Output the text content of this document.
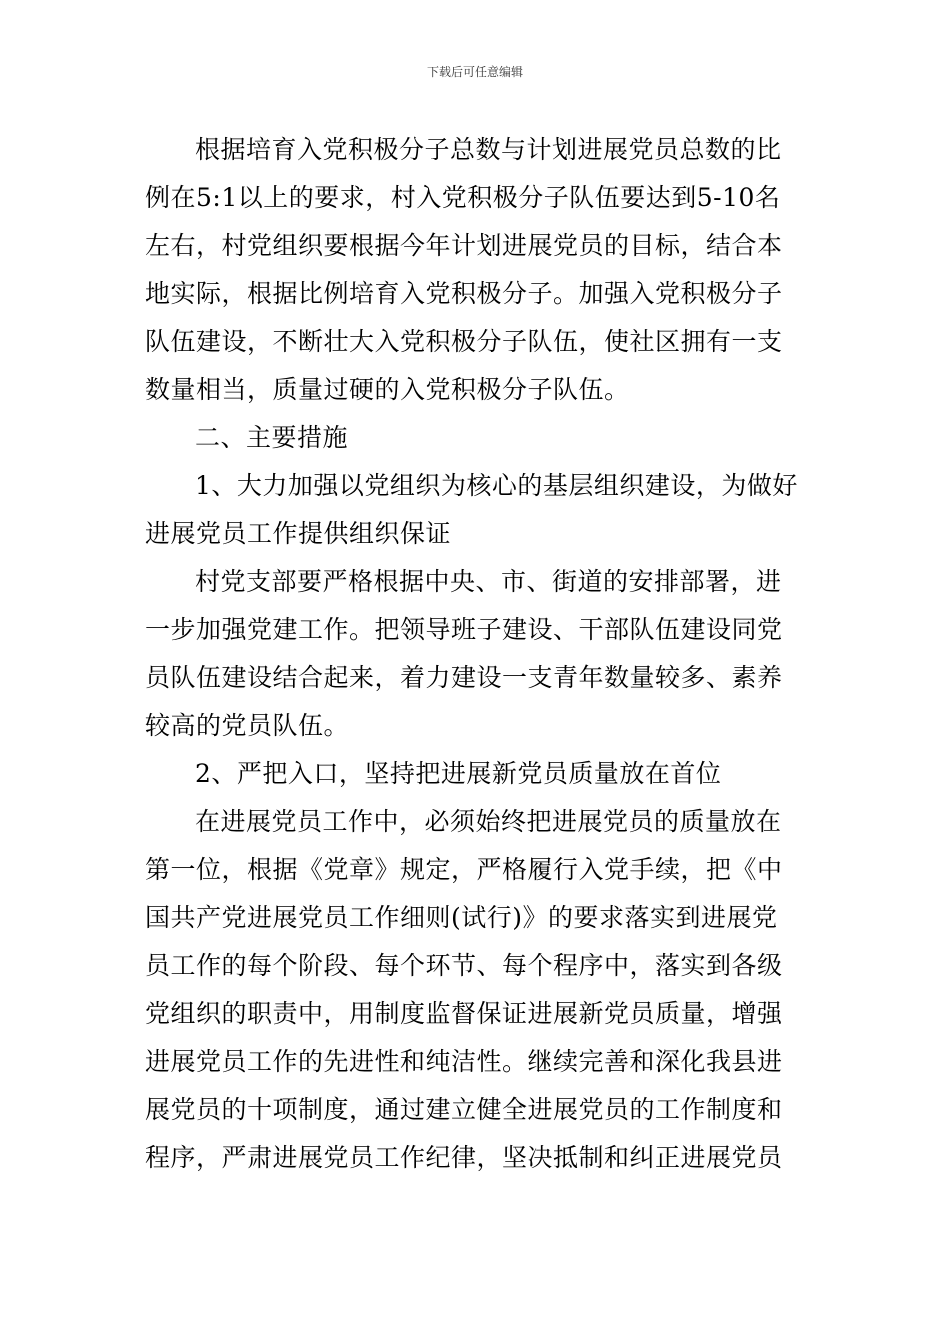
下载后可任意编辑
根据培育入党积极分子总数与计划进展党员总数的比
例在5:1以上的要求，村入党积极分子队伍要达到5-10名
左右，村党组织要根据今年计划进展党员的目标，结合本
地实际，根据比例培育入党积极分子。加强入党积极分子
队伍建设，不断壮大入党积极分子队伍，使社区拥有一支
数量相当，质量过硬的入党积极分子队伍。
二、主要措施
1、大力加强以党组织为核心的基层组织建设，为做好
进展党员工作提供组织保证
村党支部要严格根据中央、市、街道的安排部署，进
一步加强党建工作。把领导班子建设、干部队伍建设同党
员队伍建设结合起来，着力建设一支青年数量较多、素养
较高的党员队伍。
2、严把入口，坚持把进展新党员质量放在首位
在进展党员工作中，必须始终把进展党员的质量放在
第一位，根据《党章》规定，严格履行入党手续，把《中
国共产党进展党员工作细则(试行)》的要求落实到进展党
员工作的每个阶段、每个环节、每个程序中，落实到各级
党组织的职责中，用制度监督保证进展新党员质量，增强
进展党员工作的先进性和纯洁性。继续完善和深化我县进
展党员的十项制度，通过建立健全进展党员的工作制度和
程序，严肃进展党员工作纪律，坚决抵制和纠正进展党员
